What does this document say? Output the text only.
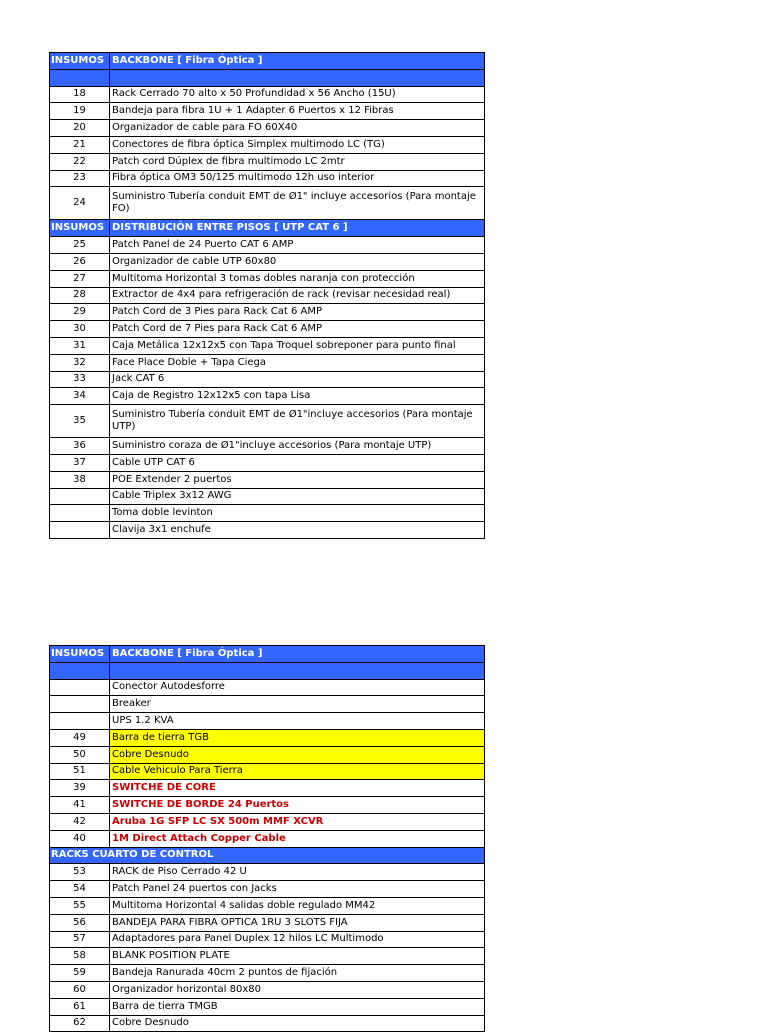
INSUMOS	BACKBONE [ Fibra Óptica ]

18	Rack Cerrado 70 alto x 50 Profundidad x 56 Ancho (15U)
19	Bandeja para fibra 1U + 1 Adapter 6 Puertos x 12 Fibras
20	Organizador de cable para FO 60X40
21	Conectores de fibra óptica Simplex multimodo LC (TG)
22	Patch cord Dúplex de fibra multimodo LC 2mtr
23	Fibra óptica OM3 50/125 multimodo 12h uso interior
24	Suministro Tubería conduit EMT de Ø1" incluye accesorios (Para montaje FO)
INSUMOS	DISTRIBUCIÓN ENTRE PISOS [ UTP CAT 6 ]
25	Patch Panel de 24 Puerto CAT 6 AMP
26	Organizador de cable UTP 60x80
27	Multitoma Horizontal 3 tomas dobles naranja con protección
28	Extractor de 4x4 para refrigeración de rack (revisar necesidad real)
29	Patch Cord de 3 Pies para Rack Cat 6 AMP
30	Patch Cord de 7 Pies para Rack Cat 6 AMP
31	Caja Metálica 12x12x5 con Tapa Troquel sobreponer para punto final
32	Face Place Doble + Tapa Ciega
33	Jack CAT 6
34	Caja de Registro 12x12x5 con tapa Lisa
35	Suministro Tubería conduit EMT de Ø1"incluye accesorios (Para montaje UTP)
36	Suministro coraza de Ø1"incluye accesorios (Para montaje UTP)
37	Cable UTP CAT 6
38	POE Extender 2 puertos
	Cable Triplex 3x12 AWG
	Toma doble levinton
	Clavija 3x1 enchufe
INSUMOS	BACKBONE [ Fibra Óptica ]

	Conector Autodesforre
	Breaker
	UPS 1.2 KVA
49	Barra de tierra TGB
50	Cobre Desnudo
51	Cable Vehiculo Para Tierra
39	SWITCHE DE CORE
41	SWITCHE DE BORDE 24 Puertos
42	Aruba 1G SFP LC SX 500m MMF XCVR
40	1M Direct Attach Copper Cable
RACKS CUARTO DE CONTROL	
53	RACK de Piso Cerrado 42 U
54	Patch Panel 24 puertos con Jacks
55	Multitoma Horizontal 4 salidas doble regulado MM42
56	BANDEJA PARA FIBRA OPTICA 1RU 3 SLOTS FIJA
57	Adaptadores para Panel Duplex 12 hilos LC Multimodo
58	BLANK POSITION PLATE
59	Bandeja Ranurada 40cm 2 puntos de fijación
60	Organizador horizontal 80x80
61	Barra de tierra TMGB
62	Cobre Desnudo
